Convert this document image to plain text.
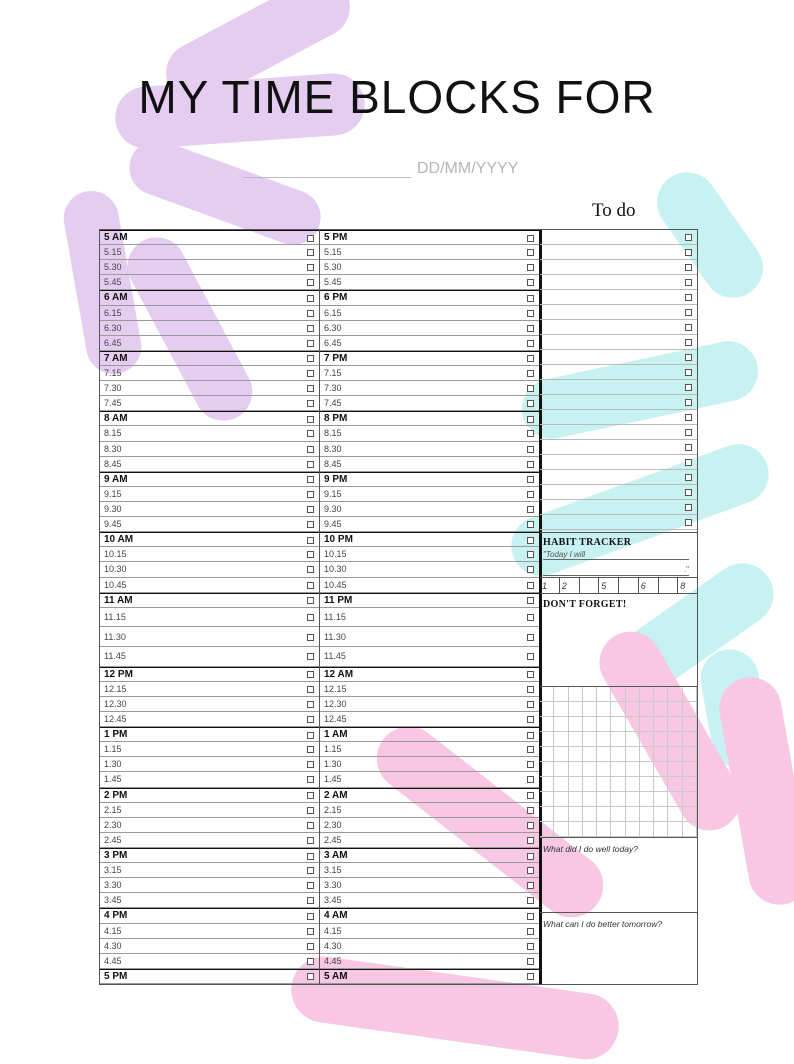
MY TIME BLOCKS FOR
DD/MM/YYYY
To do
5 AM
5.15
5.30
5.45
6 AM
6.15
6.30
6.45
7 AM
7.15
7.30
7.45
8 AM
8.15
8.30
8.45
9 AM
9.15
9.30
9.45
10 AM
10.15
10.30
10.45
11 AM
11.15
11.30
11.45
12 PM
12.15
12.30
12.45
1 PM
1.15
1.30
1.45
2 PM
2.15
2.30
2.45
3 PM
3.15
3.30
3.45
4 PM
4.15
4.30
4.45
5 PM
5 PM
5.15
5.30
5.45
6 PM
6.15
6.30
6.45
7 PM
7.15
7.30
7.45
8 PM
8.15
8.30
8.45
9 PM
9.15
9.30
9.45
10 PM
10.15
10.30
10.45
11 PM
11.15
11.30
11.45
12 AM
12.15
12.30
12.45
1 AM
1.15
1.30
1.45
2 AM
2.15
2.30
2.45
3 AM
3.15
3.30
3.45
4 AM
4.15
4.30
4.45
5 AM
HABIT TRACKER
"Today I will
."
1	2	5	6	8
DON'T FORGET!
What did I do well today?
What can I do better tomorrow?
